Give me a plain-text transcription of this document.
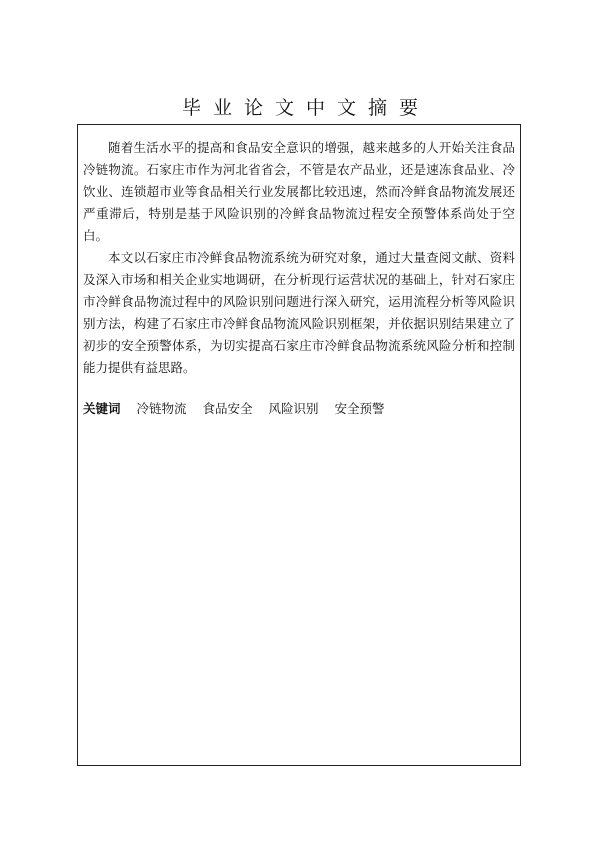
毕业论文中文摘要

随着生活水平的提高和食品安全意识的增强，越来越多的人开始关注食品冷链物流。石家庄市作为河北省省会，不管是农产品业，还是速冻食品业、冷饮业、连锁超市业等食品相关行业发展都比较迅速，然而冷鲜食品物流发展还严重滞后，特别是基于风险识别的冷鲜食品物流过程安全预警体系尚处于空白。

本文以石家庄市冷鲜食品物流系统为研究对象，通过大量查阅文献、资料及深入市场和相关企业实地调研，在分析现行运营状况的基础上，针对石家庄市冷鲜食品物流过程中的风险识别问题进行深入研究，运用流程分析等风险识别方法，构建了石家庄市冷鲜食品物流风险识别框架，并依据识别结果建立了初步的安全预警体系，为切实提高石家庄市冷鲜食品物流系统风险分析和控制能力提供有益思路。

关键词 冷链物流 食品安全 风险识别 安全预警
